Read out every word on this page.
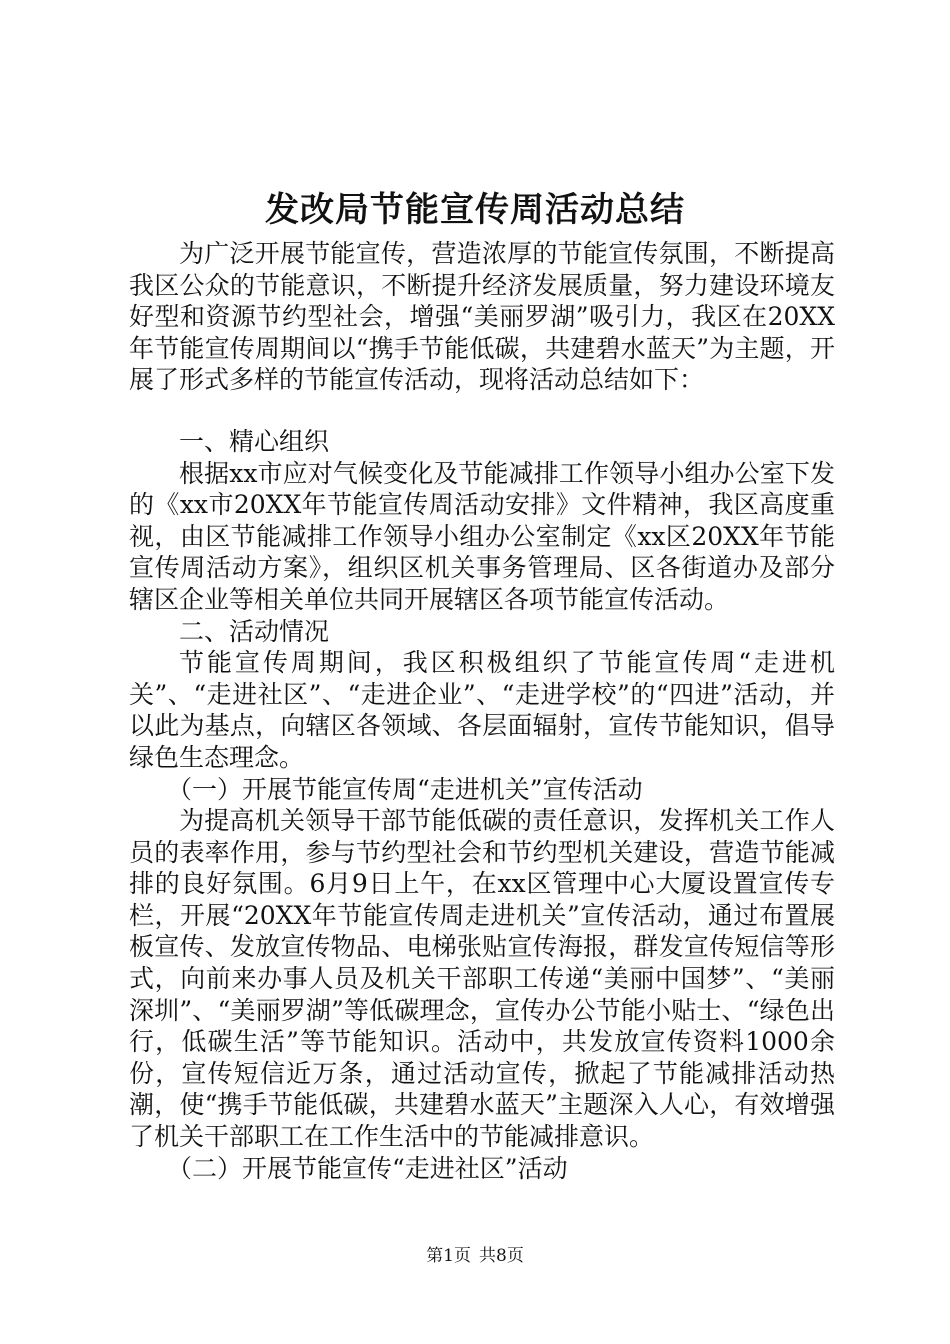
发改局节能宣传周活动总结

为广泛开展节能宣传，营造浓厚的节能宣传氛围，不断提高我区公众的节能意识，不断提升经济发展质量，努力建设环境友好型和资源节约型社会，增强“美丽罗湖”吸引力，我区在20XX年节能宣传周期间以“携手节能低碳，共建碧水蓝天”为主题，开展了形式多样的节能宣传活动，现将活动总结如下：

一、精心组织

根据xx市应对气候变化及节能减排工作领导小组办公室下发的《xx市20XX年节能宣传周活动安排》文件精神，我区高度重视，由区节能减排工作领导小组办公室制定《xx区20XX年节能宣传周活动方案》，组织区机关事务管理局、区各街道办及部分辖区企业等相关单位共同开展辖区各项节能宣传活动。

二、活动情况

节能宣传周期间，我区积极组织了节能宣传周“走进机关”、“走进社区”、“走进企业”、“走进学校”的“四进”活动，并以此为基点，向辖区各领域、各层面辐射，宣传节能知识，倡导绿色生态理念。

（一）开展节能宣传周“走进机关”宣传活动

为提高机关领导干部节能低碳的责任意识，发挥机关工作人员的表率作用，参与节约型社会和节约型机关建设，营造节能减排的良好氛围。6月9日上午，在xx区管理中心大厦设置宣传专栏，开展“20XX年节能宣传周走进机关”宣传活动，通过布置展板宣传、发放宣传物品、电梯张贴宣传海报，群发宣传短信等形式，向前来办事人员及机关干部职工传递“美丽中国梦”、“美丽深圳”、“美丽罗湖”等低碳理念，宣传办公节能小贴士、“绿色出行，低碳生活”等节能知识。活动中，共发放宣传资料1000余份，宣传短信近万条，通过活动宣传，掀起了节能减排活动热潮，使“携手节能低碳，共建碧水蓝天”主题深入人心，有效增强了机关干部职工在工作生活中的节能减排意识。

（二）开展节能宣传“走进社区”活动

第1页 共8页
